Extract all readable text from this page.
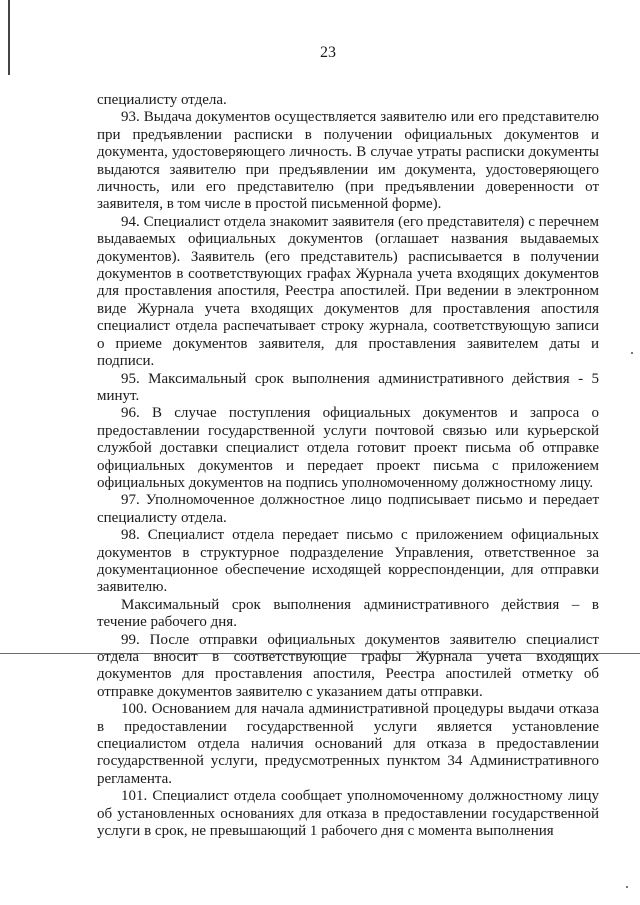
23

специалисту отдела.

93. Выдача документов осуществляется заявителю или его представителю при предъявлении расписки в получении официальных документов и документа, удостоверяющего личность. В случае утраты расписки документы выдаются заявителю при предъявлении им документа, удостоверяющего личность, или его представителю (при предъявлении доверенности от заявителя, в том числе в простой письменной форме).

94. Специалист отдела знакомит заявителя (его представителя) с перечнем выдаваемых официальных документов (оглашает названия выдаваемых документов). Заявитель (его представитель) расписывается в получении документов в соответствующих графах Журнала учета входящих документов для проставления апостиля, Реестра апостилей. При ведении в электронном виде Журнала учета входящих документов для проставления апостиля специалист отдела распечатывает строку журнала, соответствующую записи о приеме документов заявителя, для проставления заявителем даты и подписи.

95. Максимальный срок выполнения административного действия - 5 минут.

96. В случае поступления официальных документов и запроса о предоставлении государственной услуги почтовой связью или курьерской службой доставки специалист отдела готовит проект письма об отправке официальных документов и передает проект письма с приложением официальных документов на подпись уполномоченному должностному лицу.

97. Уполномоченное должностное лицо подписывает письмо и передает специалисту отдела.

98. Специалист отдела передает письмо с приложением официальных документов в структурное подразделение Управления, ответственное за документационное обеспечение исходящей корреспонденции, для отправки заявителю.

Максимальный срок выполнения административного действия – в течение рабочего дня.

99. После отправки официальных документов заявителю специалист отдела вносит в соответствующие графы Журнала учета входящих документов для проставления апостиля, Реестра апостилей отметку об отправке документов заявителю с указанием даты отправки.

100. Основанием для начала административной процедуры выдачи отказа в предоставлении государственной услуги является установление специалистом отдела наличия оснований для отказа в предоставлении государственной услуги, предусмотренных пунктом 34 Административного регламента.

101. Специалист отдела сообщает уполномоченному должностному лицу об установленных основаниях для отказа в предоставлении государственной услуги в срок, не превышающий 1 рабочего дня с момента выполнения
